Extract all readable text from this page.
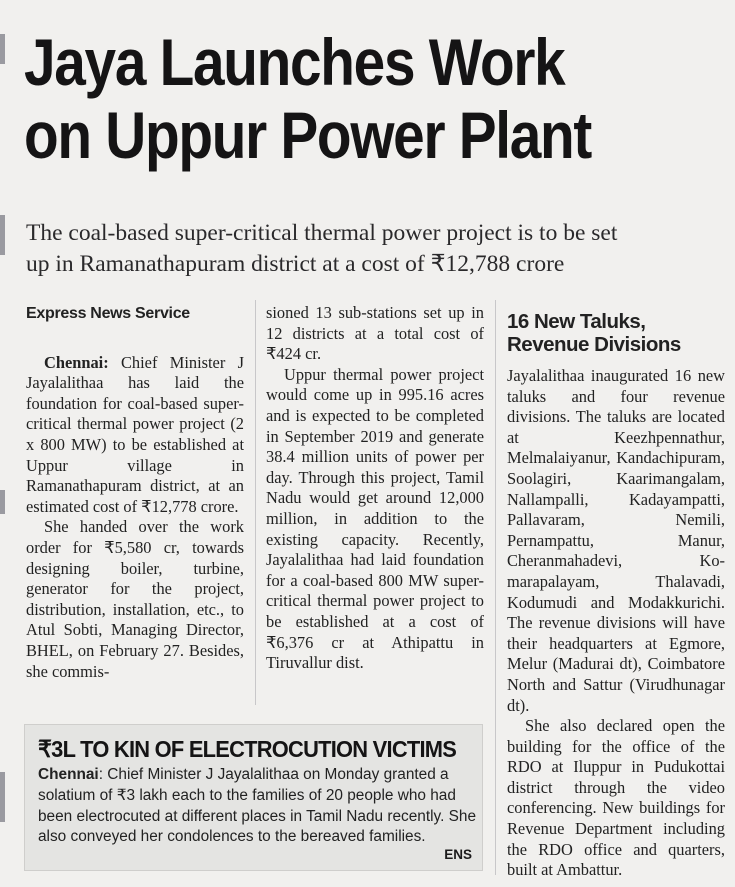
Jaya Launches Work
on Uppur Power Plant
The coal-based super-critical thermal power project is to be set
up in Ramanathapuram district at a cost of ₹12,788 crore

Express News Service

Chennai: Chief Minister J Jayalalithaa has laid the foundation for coal-based super-critical thermal power project (2 x 800 MW) to be established at Uppur village in Ramanathapuram district, at an estimated cost of ₹12,778 crore.

She handed over the work order for ₹5,580 cr, towards designing boiler, turbine, generator for the project, distribution, installation, etc., to Atul Sobti, Managing Director, BHEL, on February 27. Besides, she commis-

sioned 13 sub-stations set up in 12 districts at a total cost of ₹424 cr.

Uppur thermal power project would come up in 995.16 acres and is expected to be completed in September 2019 and generate 38.4 million units of power per day. Through this project, Tamil Nadu would get around 12,000 million, in addition to the existing capacity. Recently, Jayalalithaa had laid foundation for a coal-based 800 MW super-critical thermal power project to be established at a cost of ₹6,376 cr at Athipattu in Tiruvallur dist.

16 New Taluks,
Revenue Divisions

Jayalalithaa inaugurated 16 new taluks and four revenue divisions. The taluks are located at Keezhpennathur, Melmalaiyanur, Kandachipuram, Soolagiri, Kaarimangalam, Nallampalli, Kadayampatti, Pallavaram, Nemili, Pernampattu, Manur, Cheranmahadevi, Komarapalayam, Thalavadi, Kodumudi and Modakkurichi. The revenue divisions will have their headquarters at Egmore, Melur (Madurai dt), Coimbatore North and Sattur (Virudhunagar dt).

She also declared open the building for the office of the RDO at Iluppur in Pudukottai district through the video conferencing. New buildings for Revenue Department including the RDO office and quarters, built at Ambattur.

₹3L TO KIN OF ELECTROCUTION VICTIMS
Chennai: Chief Minister J Jayalalithaa on Monday granted a solatium of ₹3 lakh each to the families of 20 people who had been electrocuted at different places in Tamil Nadu recently. She also conveyed her condolences to the bereaved families.
ENS
